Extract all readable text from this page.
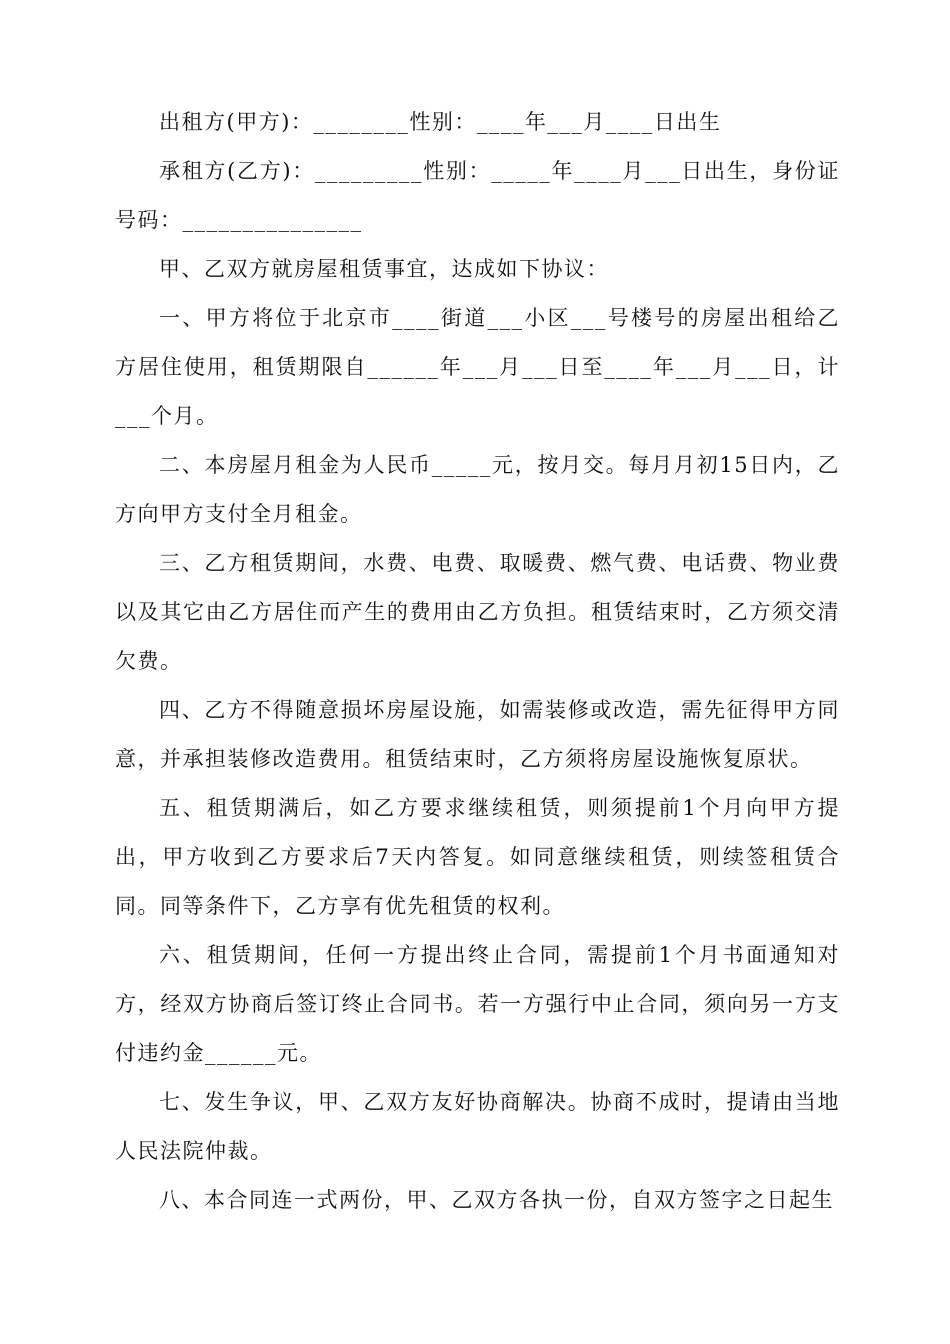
出租方(甲方)：________性别：____年___月____日出生

承租方(乙方)：_________性别：_____年____月___日出生，身份证号码：_______________

甲、乙双方就房屋租赁事宜，达成如下协议：

一、甲方将位于北京市____街道___小区___号楼号的房屋出租给乙方居住使用，租赁期限自______年___月___日至____年___月___日，计___个月。

二、本房屋月租金为人民币_____元，按月交。每月月初15日内，乙方向甲方支付全月租金。

三、乙方租赁期间，水费、电费、取暖费、燃气费、电话费、物业费以及其它由乙方居住而产生的费用由乙方负担。租赁结束时，乙方须交清欠费。

四、乙方不得随意损坏房屋设施，如需装修或改造，需先征得甲方同意，并承担装修改造费用。租赁结束时，乙方须将房屋设施恢复原状。

五、租赁期满后，如乙方要求继续租赁，则须提前1个月向甲方提出，甲方收到乙方要求后7天内答复。如同意继续租赁，则续签租赁合同。同等条件下，乙方享有优先租赁的权利。

六、租赁期间，任何一方提出终止合同，需提前1个月书面通知对方，经双方协商后签订终止合同书。若一方强行中止合同，须向另一方支付违约金______元。

七、发生争议，甲、乙双方友好协商解决。协商不成时，提请由当地人民法院仲裁。

八、本合同连一式两份，甲、乙双方各执一份，自双方签字之日起生
